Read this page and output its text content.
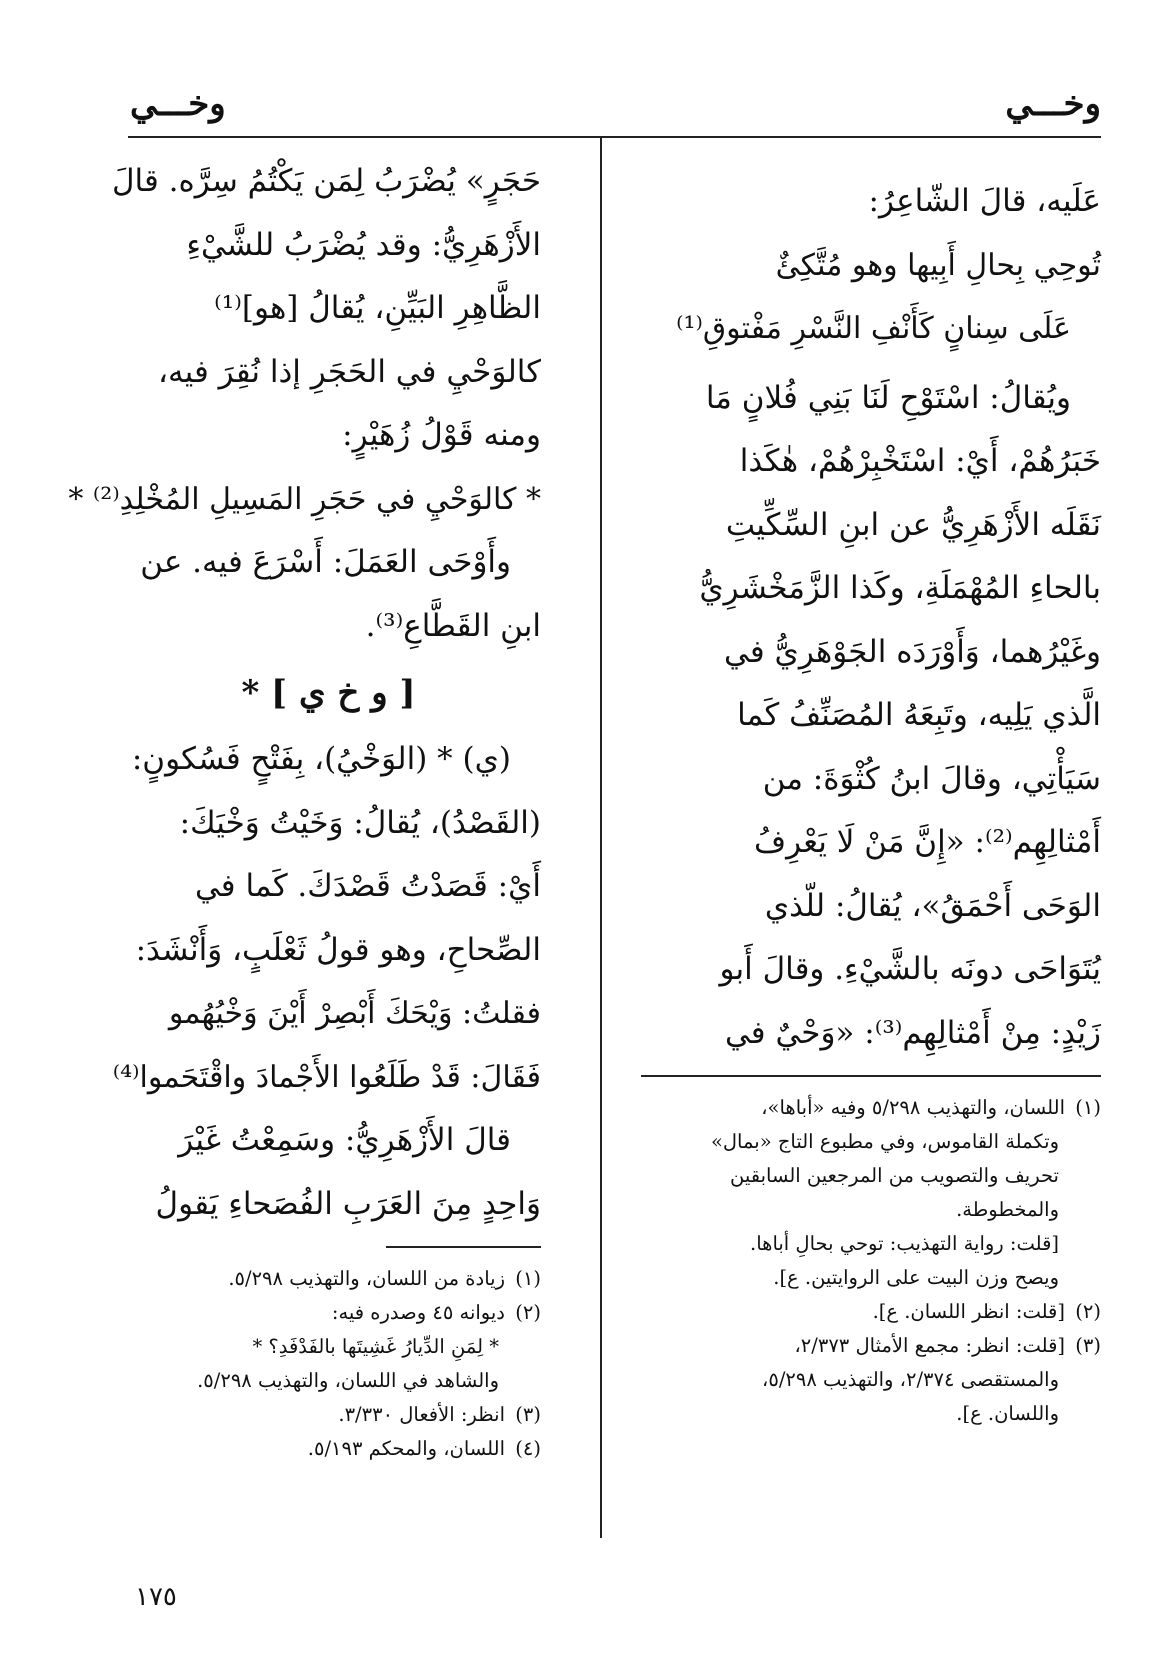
وخـــي
وخـــي
عَلَيه، قالَ الشّاعِرُ:
تُوحِي بِحالِ أَبِيها وهو مُتَّكِئٌ
عَلَى سِنانٍ كَأَنْفِ النَّسْرِ مَفْتوقِ⁽¹⁾
ويُقالُ: اسْتَوْحِ لَنَا بَنِي فُلانٍ مَا
خَبَرُهُمْ، أَيْ: اسْتَخْبِرْهُمْ، هٰكَذا
نَقَلَه الأَزْهَرِيُّ عن ابنِ السِّكِّيتِ
بالحاءِ المُهْمَلَةِ، وكَذا الزَّمَخْشَرِيُّ
وغَيْرُهما، وَأَوْرَدَه الجَوْهَرِيُّ في
الَّذي يَلِيه، وتَبِعَهُ المُصَنِّفُ كَما
سَيَأْتِي، وقالَ ابنُ كُثْوَةَ: من
أَمْثالِهِم⁽²⁾: «إِنَّ مَنْ لَا يَعْرِفُ
الوَحَى أَحْمَقُ»، يُقالُ: للّذي
يُتَوَاحَى دونَه بالشَّيْءِ. وقالَ أَبو
زَيْدٍ: مِنْ أَمْثالِهِم⁽³⁾: «وَحْيٌ في
(١)اللسان، والتهذيب ٥/٢٩٨ وفيه «أباها»،
وتكملة القاموس، وفي مطبوع التاج «بمال»
تحريف والتصويب من المرجعين السابقين
والمخطوطة.
[قلت: رواية التهذيب: توحي بحالِ أباها.
ويصح وزن البيت على الروايتين. ع].
(٢)[قلت: انظر اللسان. ع].
(٣)[قلت: انظر: مجمع الأمثال ٢/٣٧٣،
والمستقصى ٢/٣٧٤، والتهذيب ٥/٢٩٨،
واللسان. ع].
حَجَرٍ» يُضْرَبُ لِمَن يَكْتُمُ سِرَّه. قالَ
الأَزْهَرِيُّ: وقد يُضْرَبُ للشَّيْءِ
الظَّاهِرِ البَيِّنِ، يُقالُ [هو]⁽¹⁾
كالوَحْيِ في الحَجَرِ إذا نُقِرَ فيه،
ومنه قَوْلُ زُهَيْرٍ:
* كالوَحْيِ في حَجَرِ المَسِيلِ المُخْلِدِ⁽²⁾ *
وأَوْحَى العَمَلَ: أَسْرَعَ فيه. عن
ابنِ القَطَّاعِ⁽³⁾.
[ و خ ي ] *
(ي) * (الوَخْيُ)، بِفَتْحٍ فَسُكونٍ:
(القَصْدُ)، يُقالُ: وَخَيْتُ وَخْيَكَ:
أَيْ: قَصَدْتُ قَصْدَكَ. كَما في
الصِّحاحِ، وهو قولُ ثَعْلَبٍ، وَأَنْشَدَ:
فقلتُ: وَيْحَكَ أَبْصِرْ أَيْنَ وَخْيُهُمو
فَقَالَ: قَدْ طَلَعُوا الأَجْمادَ واقْتَحَموا⁽⁴⁾
قالَ الأَزْهَرِيُّ: وسَمِعْتُ غَيْرَ
وَاحِدٍ مِنَ العَرَبِ الفُصَحاءِ يَقولُ
(١)زيادة من اللسان، والتهذيب ٥/٢٩٨.
(٢)ديوانه ٤٥ وصدره فيه:
* لِمَنِ الدِّيارُ غَشِيتَها بالفَدْفَدِ؟ *
والشاهد في اللسان، والتهذيب ٥/٢٩٨.
(٣)انظر: الأفعال ٣/٣٣٠.
(٤)اللسان، والمحكم ٥/١٩٣.
١٧٥
